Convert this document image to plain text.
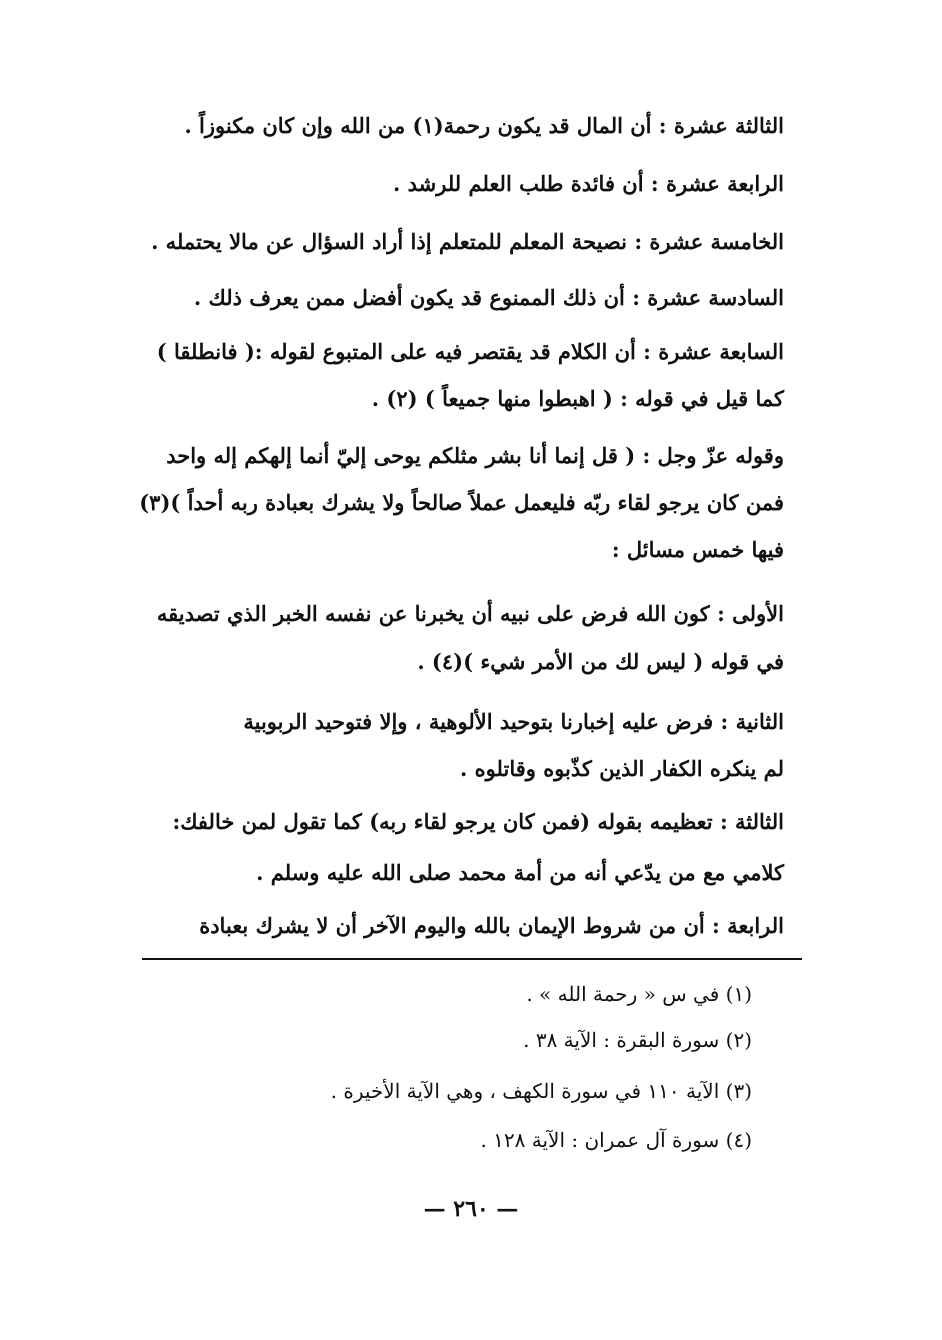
الثالثة عشرة : أن المال قد يكون رحمة(١) من الله وإن كان مكنوزاً .
الرابعة عشرة : أن فائدة طلب العلم للرشد .
الخامسة عشرة : نصيحة المعلم للمتعلم إذا أراد السؤال عن مالا يحتمله .
السادسة عشرة : أن ذلك الممنوع قد يكون أفضل ممن يعرف ذلك .
السابعة عشرة : أن الكلام قد يقتصر فيه على المتبوع لقوله :( فانطلقا )
كما قيل في قوله : ( اهبطوا منها جميعاً ) (٢) .
وقوله عزّ وجل : ( قل إنما أنا بشر مثلكم يوحى إليّ أنما إلهكم إله واحد
فمن كان يرجو لقاء ربّه فليعمل عملاً صالحاً ولا يشرك بعبادة ربه أحداً )(٣)
فيها خمس مسائل :
الأولى : كون الله فرض على نبيه أن يخبرنا عن نفسه الخبر الذي تصديقه
في قوله ( ليس لك من الأمر شيء )(٤) .
الثانية : فرض عليه إخبارنا بتوحيد الألوهية ، وإلا فتوحيد الربوبية
لم ينكره الكفار الذين كذّبوه وقاتلوه .
الثالثة : تعظيمه بقوله (فمن كان يرجو لقاء ربه) كما تقول لمن خالفك:
كلامي مع من يدّعي أنه من أمة محمد صلى الله عليه وسلم .
الرابعة : أن من شروط الإيمان بالله واليوم الآخر أن لا يشرك بعبادة
(١) في س « رحمة الله » .
(٢) سورة البقرة : الآية ٣٨ .
(٣) الآية ١١٠ في سورة الكهف ، وهي الآية الأخيرة .
(٤) سورة آل عمران : الآية ١٢٨ .
— ٢٦٠ —
